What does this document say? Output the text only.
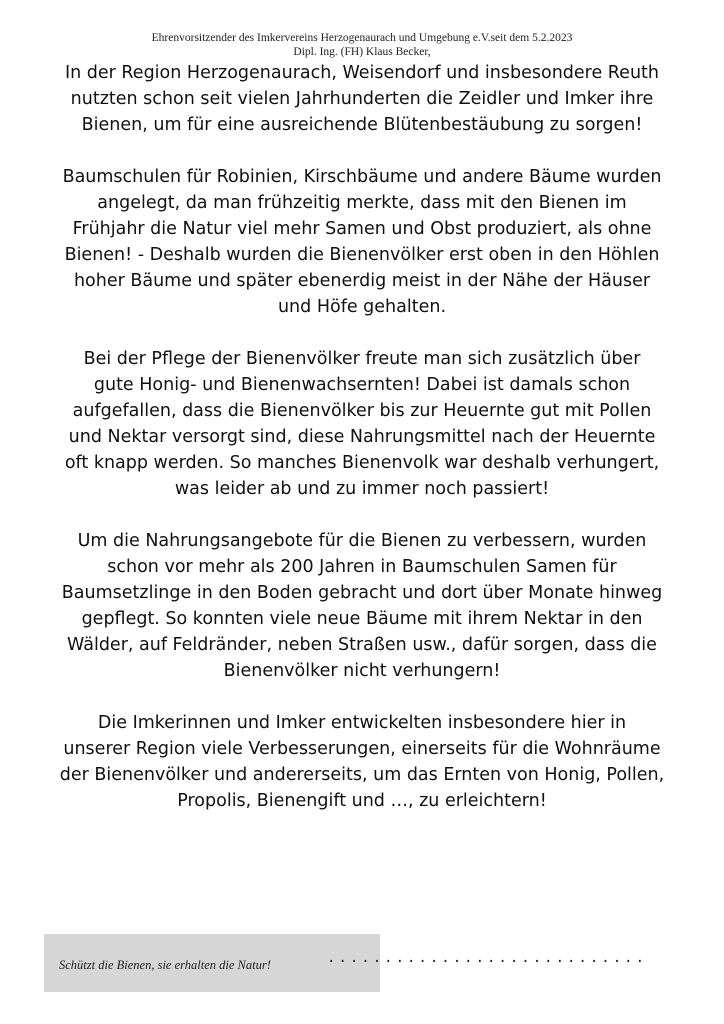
Ehrenvorsitzender des Imkervereins Herzogenaurach und Umgebung e.V.seit dem 5.2.2023
Dipl. Ing. (FH) Klaus Becker,
In der Region Herzogenaurach, Weisendorf und insbesondere Reuth
nutzten schon seit vielen Jahrhunderten die Zeidler und Imker ihre
Bienen, um für eine ausreichende Blütenbestäubung zu sorgen!
Baumschulen für Robinien, Kirschbäume und andere Bäume wurden
angelegt, da man frühzeitig merkte, dass mit den Bienen im
Frühjahr die Natur viel mehr Samen und Obst produziert, als ohne
Bienen! - Deshalb wurden die Bienenvölker erst oben in den Höhlen
hoher Bäume und später ebenerdig meist in der Nähe der Häuser
und Höfe gehalten.
Bei der Pflege der Bienenvölker freute man sich zusätzlich über
gute Honig- und Bienenwachsernten! Dabei ist damals schon
aufgefallen, dass die Bienenvölker bis zur Heuernte gut mit Pollen
und Nektar versorgt sind, diese Nahrungsmittel nach der Heuernte
oft knapp werden. So manches Bienenvolk war deshalb verhungert,
was leider ab und zu immer noch passiert!
Um die Nahrungsangebote für die Bienen zu verbessern, wurden
schon vor mehr als 200 Jahren in Baumschulen Samen für
Baumsetzlinge in den Boden gebracht und dort über Monate hinweg
gepflegt. So konnten viele neue Bäume mit ihrem Nektar in den
Wälder, auf Feldränder, neben Straßen usw., dafür sorgen, dass die
Bienenvölker nicht verhungern!
Die Imkerinnen und Imker entwickelten insbesondere hier in
unserer Region viele Verbesserungen, einerseits für die Wohnräume
der Bienenvölker und andererseits, um das Ernten von Honig, Pollen,
Propolis, Bienengift und …, zu erleichtern!
Schützt die Bienen, sie erhalten die Natur!	............................
